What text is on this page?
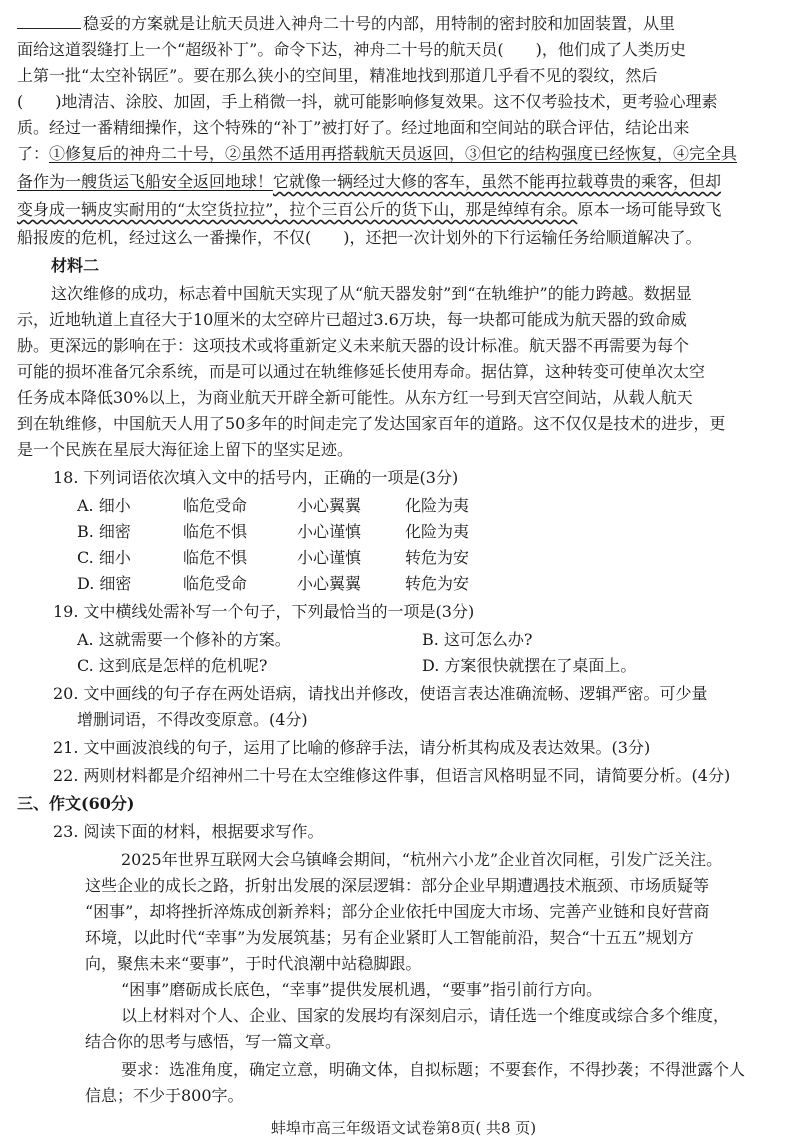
稳妥的方案就是让航天员进入神舟二十号的内部，用特制的密封胶和加固装置，从里
面给这道裂缝打上一个“超级补丁”。命令下达，神舟二十号的航天员(　　)，他们成了人类历史
上第一批“太空补锅匠”。要在那么狭小的空间里，精准地找到那道几乎看不见的裂纹，然后
(　　)地清洁、涂胶、加固，手上稍微一抖，就可能影响修复效果。这不仅考验技术，更考验心理素
质。经过一番精细操作，这个特殊的“补丁”被打好了。经过地面和空间站的联合评估，结论出来
了：①修复后的神舟二十号，②虽然不适用再搭载航天员返回，③但它的结构强度已经恢复，④完全具
备作为一艘货运飞船安全返回地球！它就像一辆经过大修的客车，虽然不能再拉载尊贵的乘客，但却
变身成一辆皮实耐用的“太空货拉拉”，拉个三百公斤的货下山，那是绰绰有余。原本一场可能导致飞
船报废的危机，经过这么一番操作，不仅(　　)，还把一次计划外的下行运输任务给顺道解决了。
材料二
这次维修的成功，标志着中国航天实现了从“航天器发射”到“在轨维护”的能力跨越。数据显
示，近地轨道上直径大于10厘米的太空碎片已超过3.6万块，每一块都可能成为航天器的致命威
胁。更深远的影响在于：这项技术或将重新定义未来航天器的设计标准。航天器不再需要为每个
可能的损坏准备冗余系统，而是可以通过在轨维修延长使用寿命。据估算，这种转变可使单次太空
任务成本降低30%以上，为商业航天开辟全新可能性。从东方红一号到天宫空间站，从载人航天
到在轨维修，中国航天人用了50多年的时间走完了发达国家百年的道路。这不仅仅是技术的进步，更
是一个民族在星辰大海征途上留下的坚实足迹。
18. 下列词语依次填入文中的括号内，正确的一项是(3分)
A. 细小	临危受命	小心翼翼	化险为夷
B. 细密	临危不惧	小心谨慎	化险为夷
C. 细小	临危不惧	小心谨慎	转危为安
D. 细密	临危受命	小心翼翼	转危为安
19. 文中横线处需补写一个句子，下列最恰当的一项是(3分)
A. 这就需要一个修补的方案。	B. 这可怎么办?
C. 这到底是怎样的危机呢?	D. 方案很快就摆在了桌面上。
20. 文中画线的句子存在两处语病，请找出并修改，使语言表达准确流畅、逻辑严密。可少量
增删词语，不得改变原意。(4分)
21. 文中画波浪线的句子，运用了比喻的修辞手法，请分析其构成及表达效果。(3分)
22. 两则材料都是介绍神州二十号在太空维修这件事，但语言风格明显不同，请简要分析。(4分)
三、作文(60分)
23. 阅读下面的材料，根据要求写作。
2025年世界互联网大会乌镇峰会期间，“杭州六小龙”企业首次同框，引发广泛关注。
这些企业的成长之路，折射出发展的深层逻辑：部分企业早期遭遇技术瓶颈、市场质疑等
“困事”，却将挫折淬炼成创新养料；部分企业依托中国庞大市场、完善产业链和良好营商
环境，以此时代“幸事”为发展筑基；另有企业紧盯人工智能前沿，契合“十五五”规划方
向，聚焦未来“要事”，于时代浪潮中站稳脚跟。
“困事”磨砺成长底色，“幸事”提供发展机遇，“要事”指引前行方向。
以上材料对个人、企业、国家的发展均有深刻启示，请任选一个维度或综合多个维度，
结合你的思考与感悟，写一篇文章。
要求：选准角度，确定立意，明确文体，自拟标题；不要套作，不得抄袭；不得泄露个人
信息；不少于800字。
蚌埠市高三年级语文试卷第8页( 共8 页)
